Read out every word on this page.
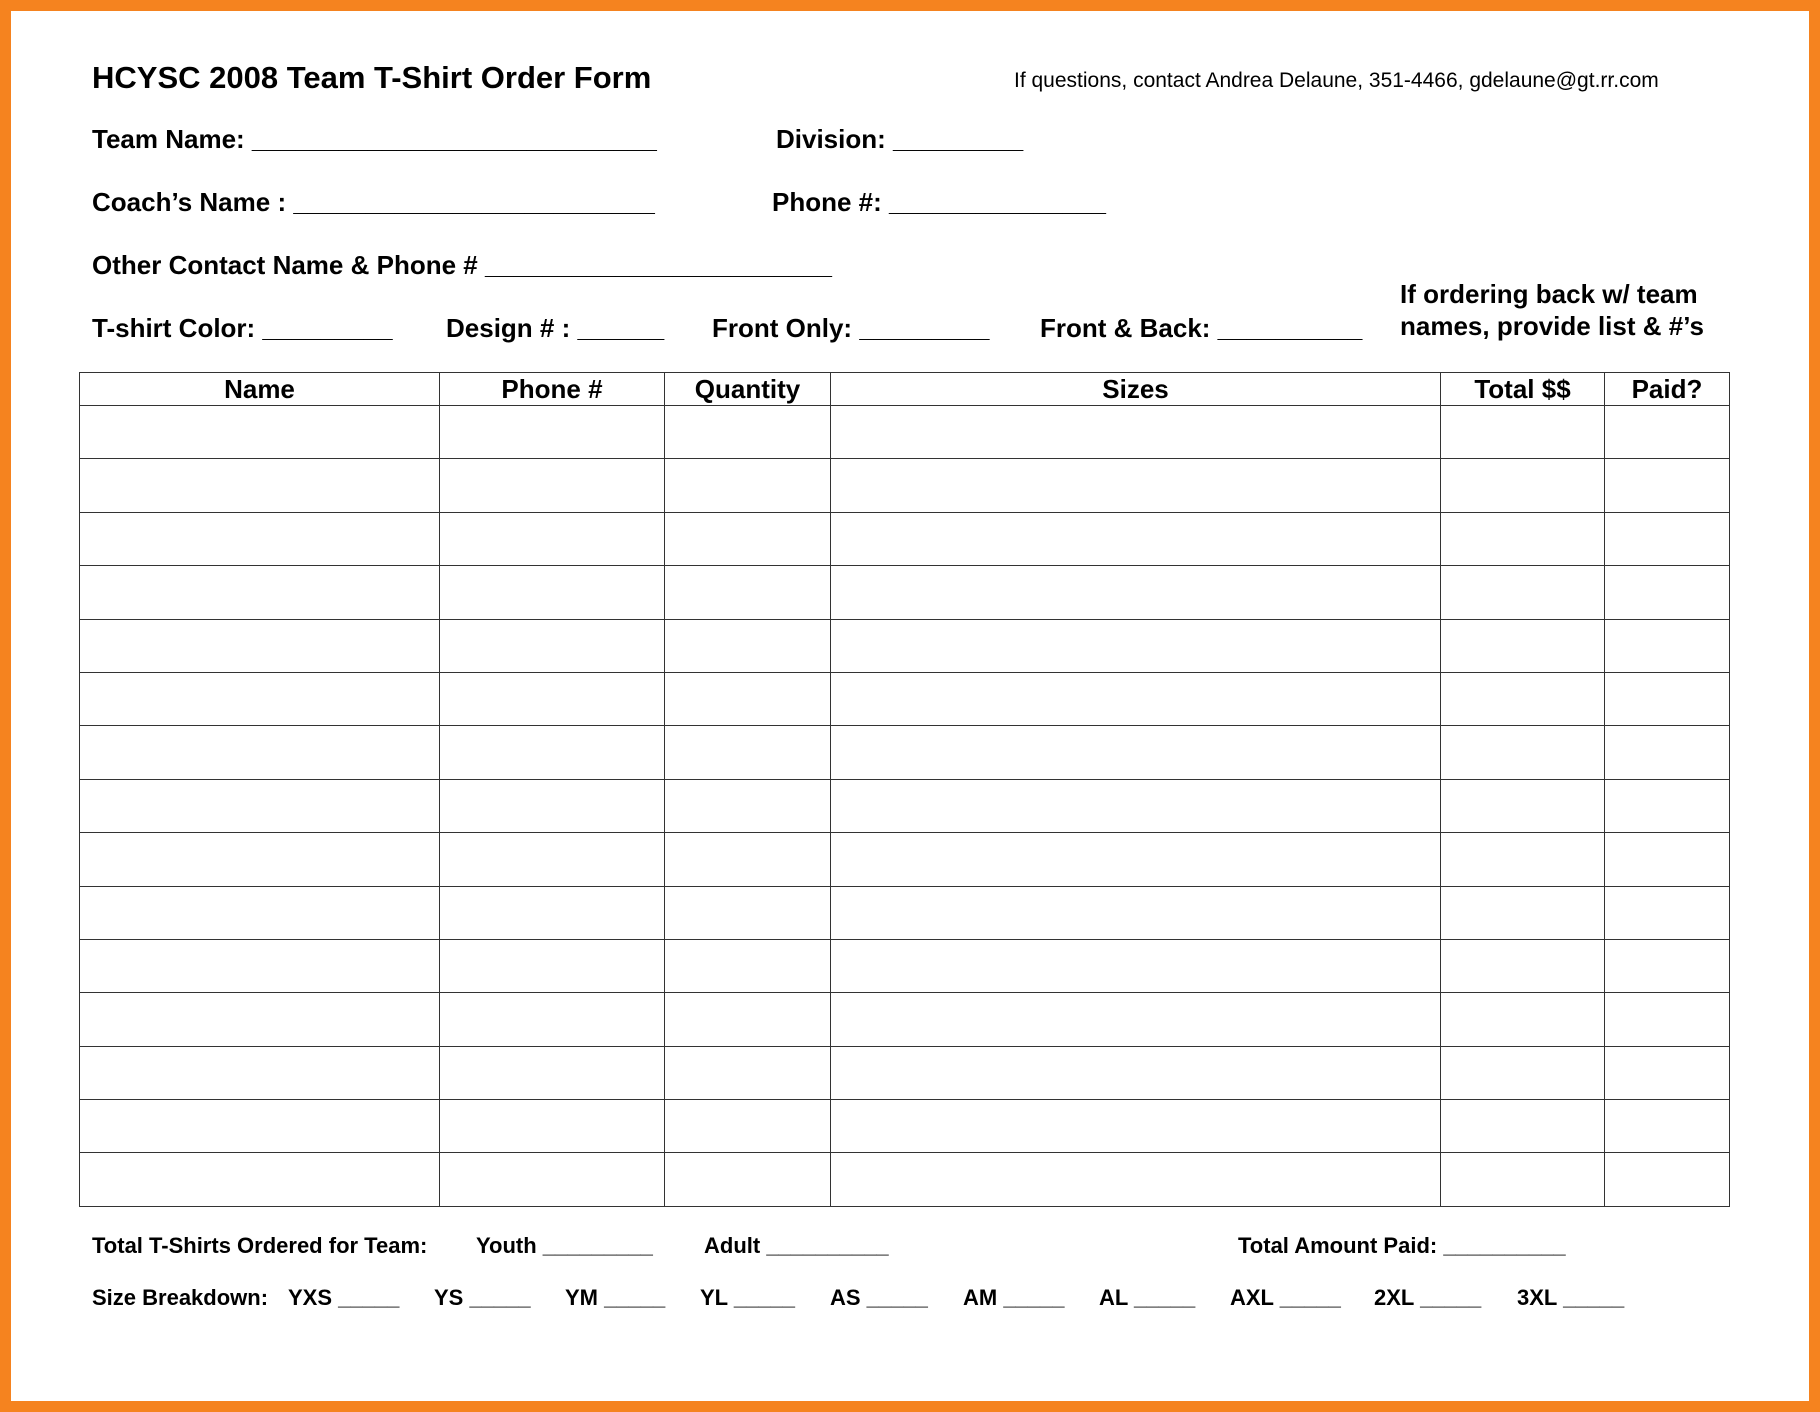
HCYSC 2008 Team T-Shirt Order Form	If questions, contact Andrea Delaune, 351-4466, gdelaune@gt.rr.com
Team Name: ____________________________	Division: _________
Coach’s Name : _________________________	Phone #: _______________
Other Contact Name & Phone # ________________________
T-shirt Color: _________ Design # : ______ Front Only: _________ Front & Back: __________
If ordering back w/ team names, provide list & #’s
Name	Phone #	Quantity	Sizes	Total $$	Paid?

Total T-Shirts Ordered for Team: Youth _________ Adult __________	Total Amount Paid: __________
Size Breakdown: YXS _____ YS _____ YM _____ YL _____ AS _____ AM _____ AL _____ AXL _____ 2XL _____ 3XL _____
